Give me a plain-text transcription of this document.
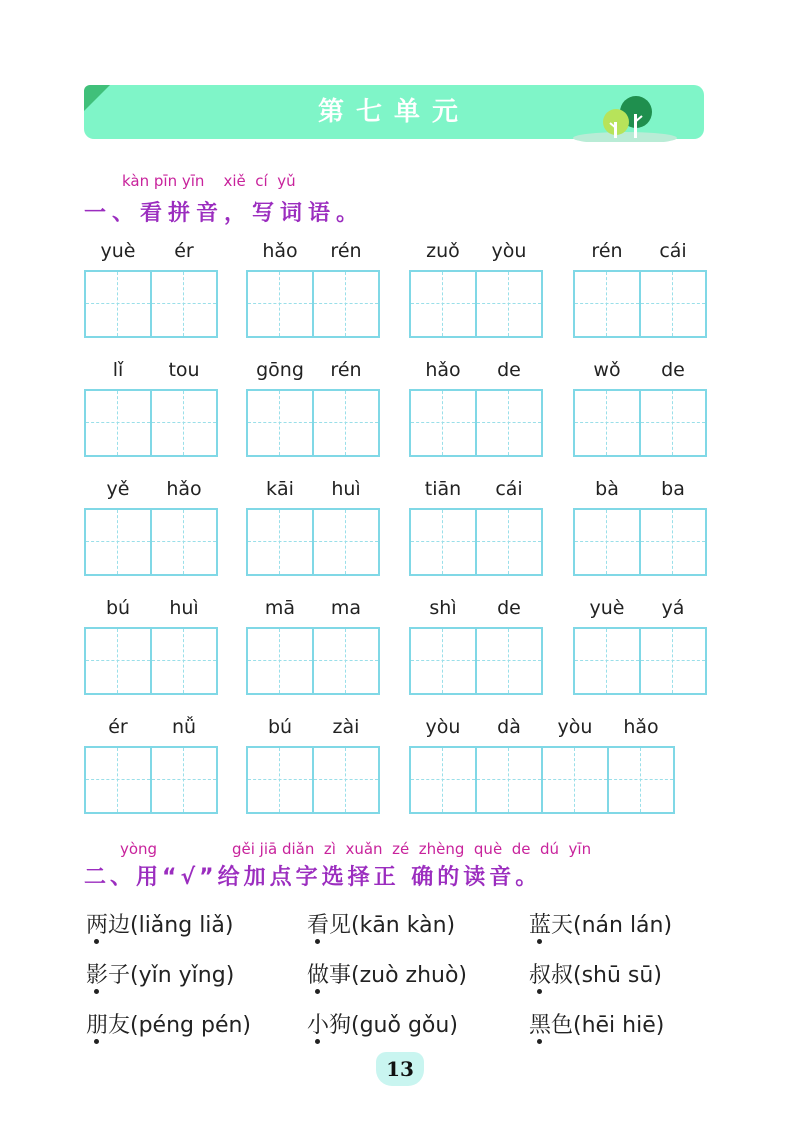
第七单元
kàn pīn yīn    xiě  cí  yǔ
一、看拼音，写词语。
yuè	ér	hǎo	rén	zuǒ	yòu	rén	cái
lǐ	tou	gōng	rén	hǎo	de	wǒ	de
yě	hǎo	kāi	huì	tiān	cái	bà	ba
bú	huì	mā	ma	shì	de	yuè	yá
ér	nǚ	bú	zài	yòu	dà	yòu	hǎo
yòng	gěi jiā diǎn  zì  xuǎn  zé  zhèng  què  de  dú  yīn
二、用“√”给加点字选择正 确的读音。
两边(liǎng liǎ)	看见(kān kàn)	蓝天(nán lán)
影子(yǐn yǐng)	做事(zuò zhuò)	叔叔(shū sū)
朋友(péng pén)	小狗(guǒ gǒu)	黑色(hēi hiē)
13
